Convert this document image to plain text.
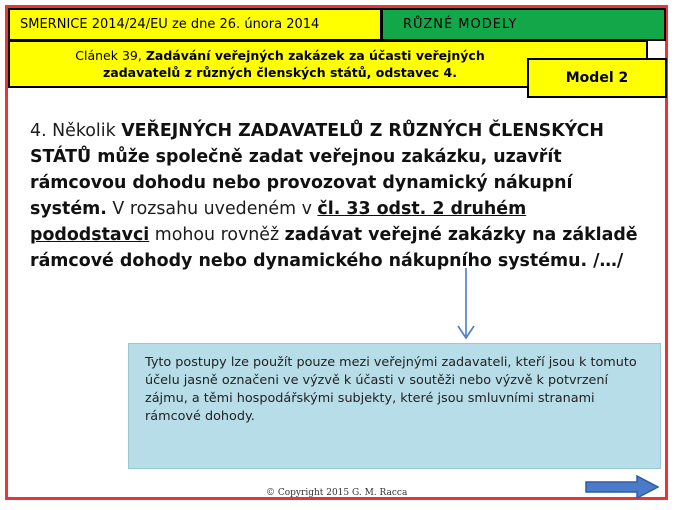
SMERNICE 2014/24/EU ze dne 26. února 2014
Clánek 39, Zadávání veřejných zakázek za účasti veřejných
zadavatelů z různých členských států, odstavec 4.
RŮZNÉ MODELY
Model 2
4. Několik VEŘEJNÝCH ZADAVATELŮ Z RŮZNÝCH ČLENSKÝCH STÁTŮ může společně zadat veřejnou zakázku, uzavřít rámcovou dohodu nebo provozovat dynamický nákupní systém. V rozsahu uvedeném v čl. 33 odst. 2 druhém pododstavci mohou rovněž zadávat veřejné zakázky na základě rámcové dohody nebo dynamického nákupního systému. /…/
Tyto postupy lze použít pouze mezi veřejnými zadavateli, kteří jsou k tomuto účelu jasně označeni ve výzvě k účasti v soutěži nebo výzvě k potvrzení zájmu, a těmi hospodářskými subjekty, které jsou smluvními stranami rámcové dohody.
© Copyright 2015 G. M. Racca
